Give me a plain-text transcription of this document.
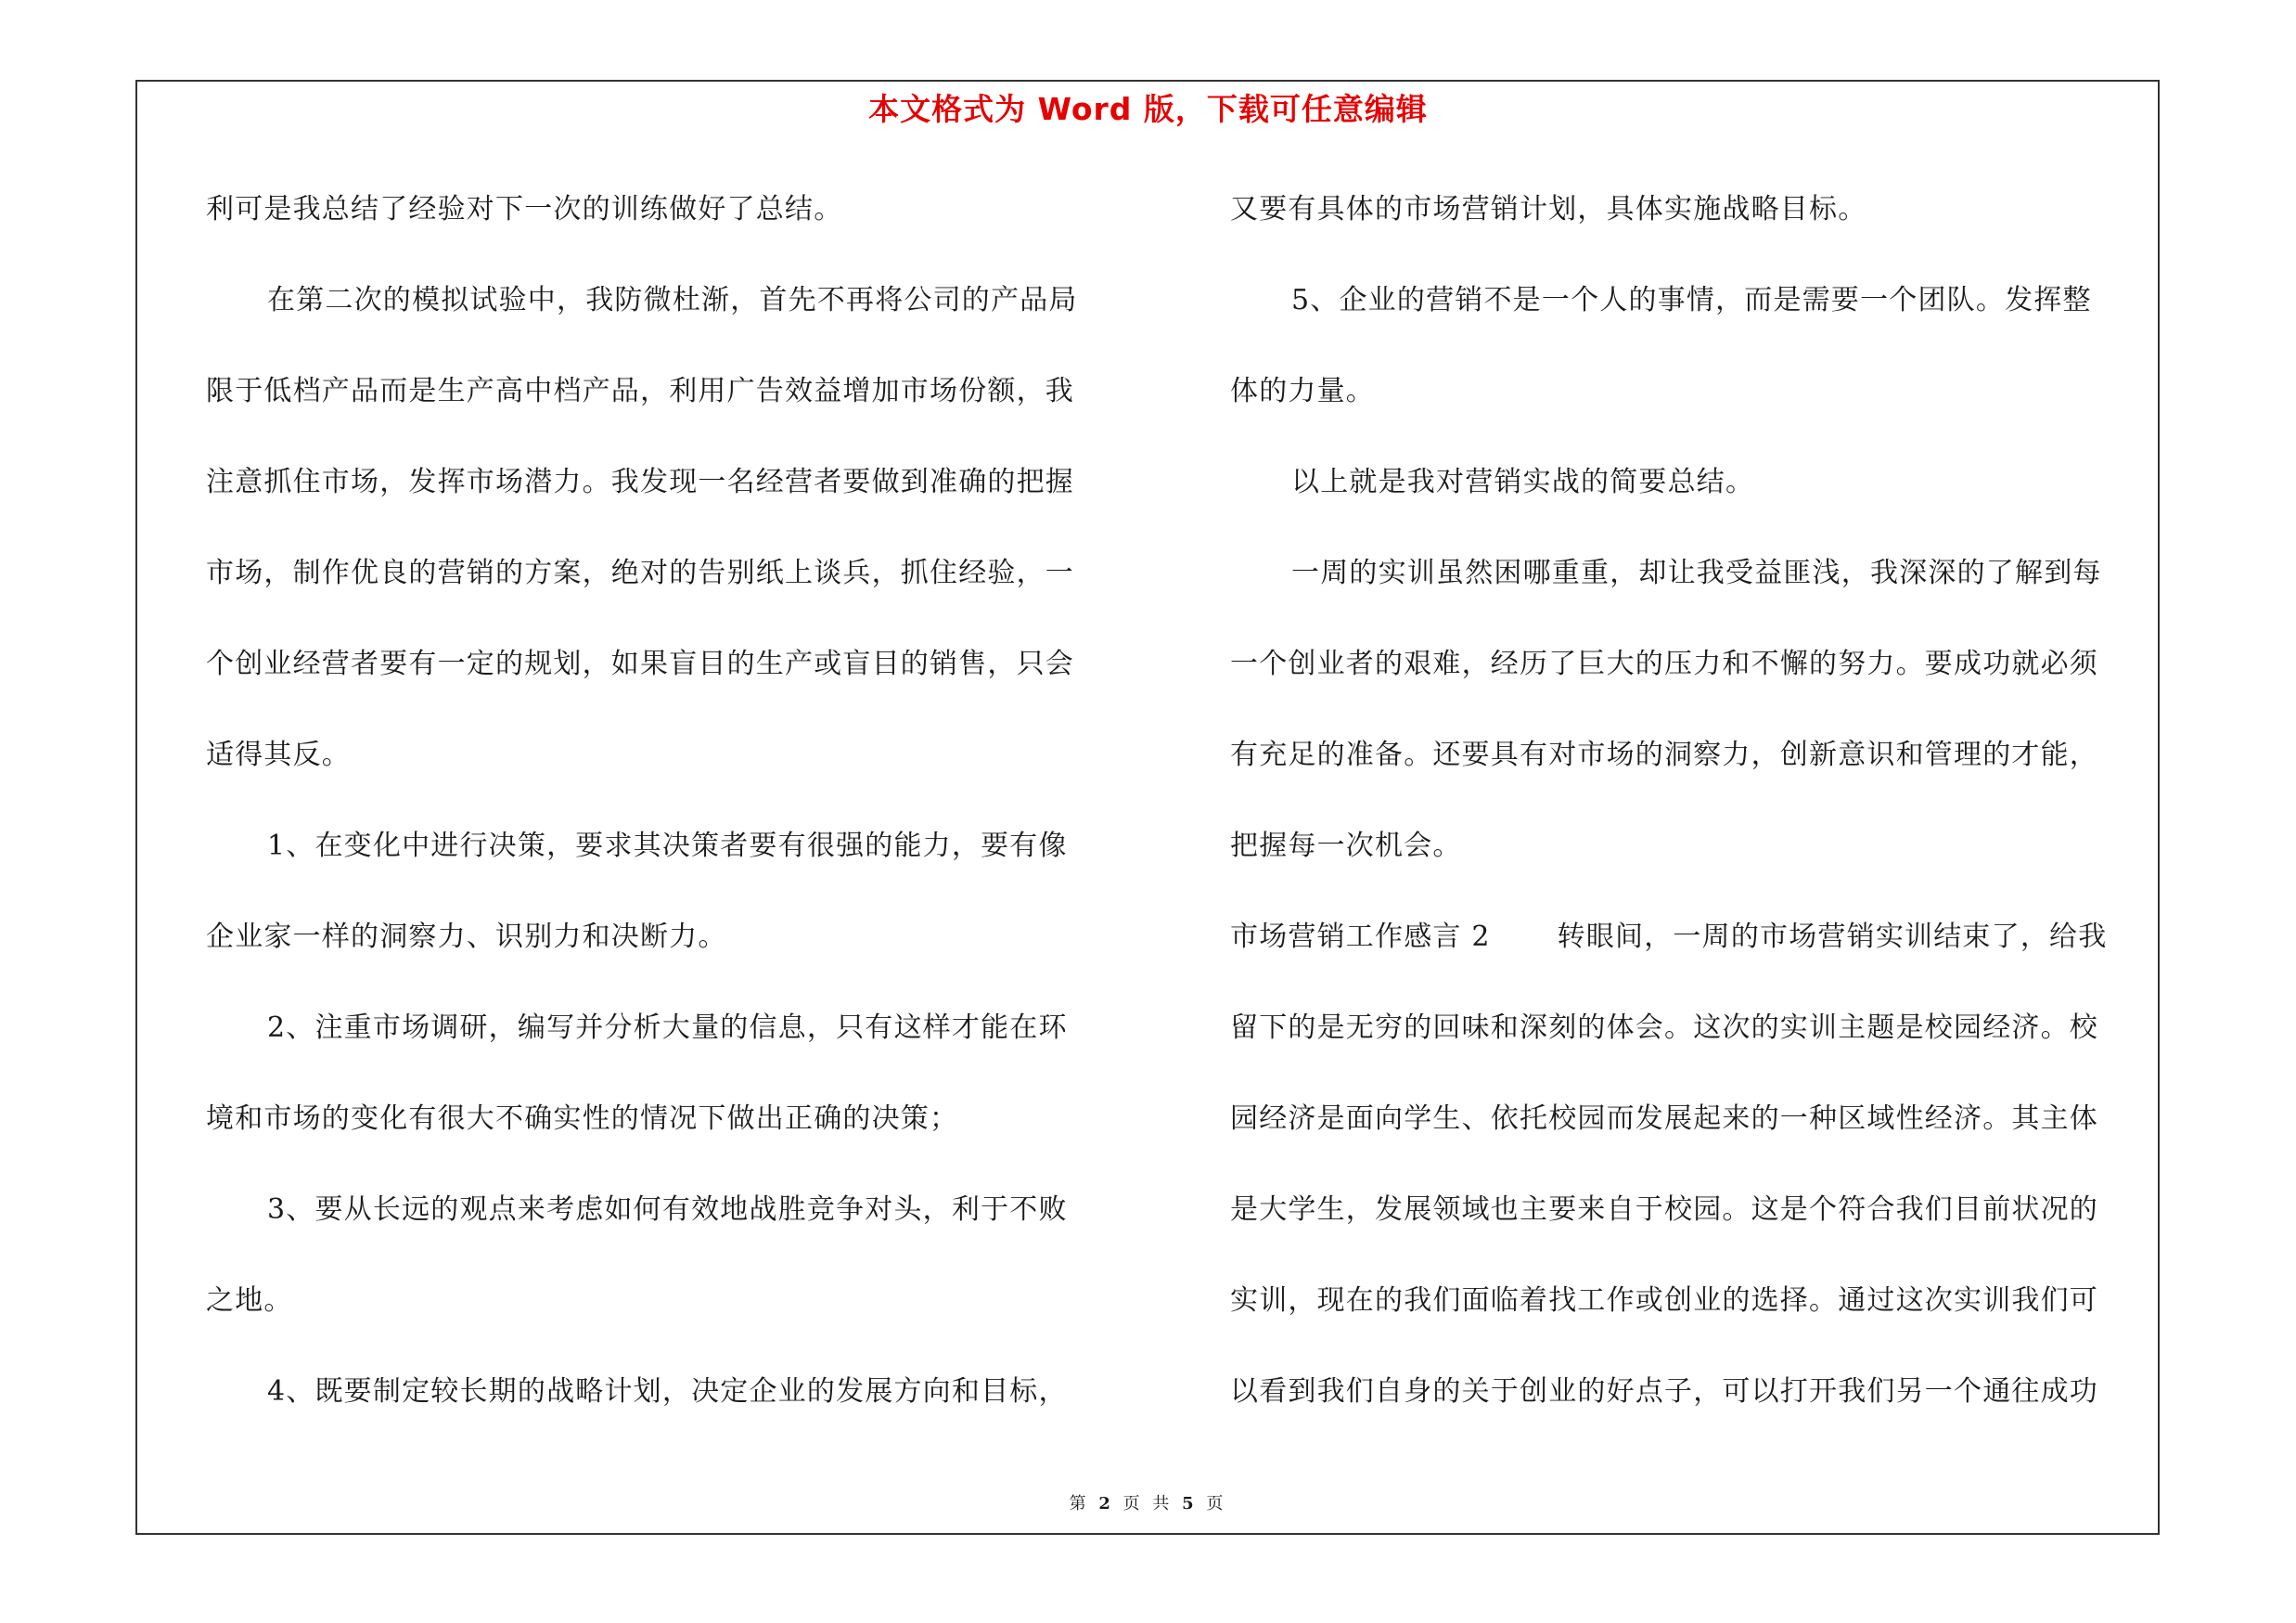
本文格式为 Word 版，下载可任意编辑
利可是我总结了经验对下一次的训练做好了总结。
在第二次的模拟试验中，我防微杜渐，首先不再将公司的产品局
限于低档产品而是生产高中档产品，利用广告效益增加市场份额，我
注意抓住市场，发挥市场潜力。我发现一名经营者要做到准确的把握
市场，制作优良的营销的方案，绝对的告别纸上谈兵，抓住经验，一
个创业经营者要有一定的规划，如果盲目的生产或盲目的销售，只会
适得其反。
1、在变化中进行决策，要求其决策者要有很强的能力，要有像
企业家一样的洞察力、识别力和决断力。
2、注重市场调研，编写并分析大量的信息，只有这样才能在环
境和市场的变化有很大不确实性的情况下做出正确的决策；
3、要从长远的观点来考虑如何有效地战胜竞争对头，利于不败
之地。
4、既要制定较长期的战略计划，决定企业的发展方向和目标，
又要有具体的市场营销计划，具体实施战略目标。
5、企业的营销不是一个人的事情，而是需要一个团队。发挥整
体的力量。
以上就是我对营销实战的简要总结。
一周的实训虽然困哪重重，却让我受益匪浅，我深深的了解到每
一个创业者的艰难，经历了巨大的压力和不懈的努力。要成功就必须
有充足的准备。还要具有对市场的洞察力，创新意识和管理的才能，
把握每一次机会。
市场营销工作感言 2 转眼间，一周的市场营销实训结束了，给我
留下的是无穷的回味和深刻的体会。这次的实训主题是校园经济。校
园经济是面向学生、依托校园而发展起来的一种区域性经济。其主体
是大学生，发展领域也主要来自于校园。这是个符合我们目前状况的
实训，现在的我们面临着找工作或创业的选择。通过这次实训我们可
以看到我们自身的关于创业的好点子，可以打开我们另一个通往成功
第 2 页 共 5 页
